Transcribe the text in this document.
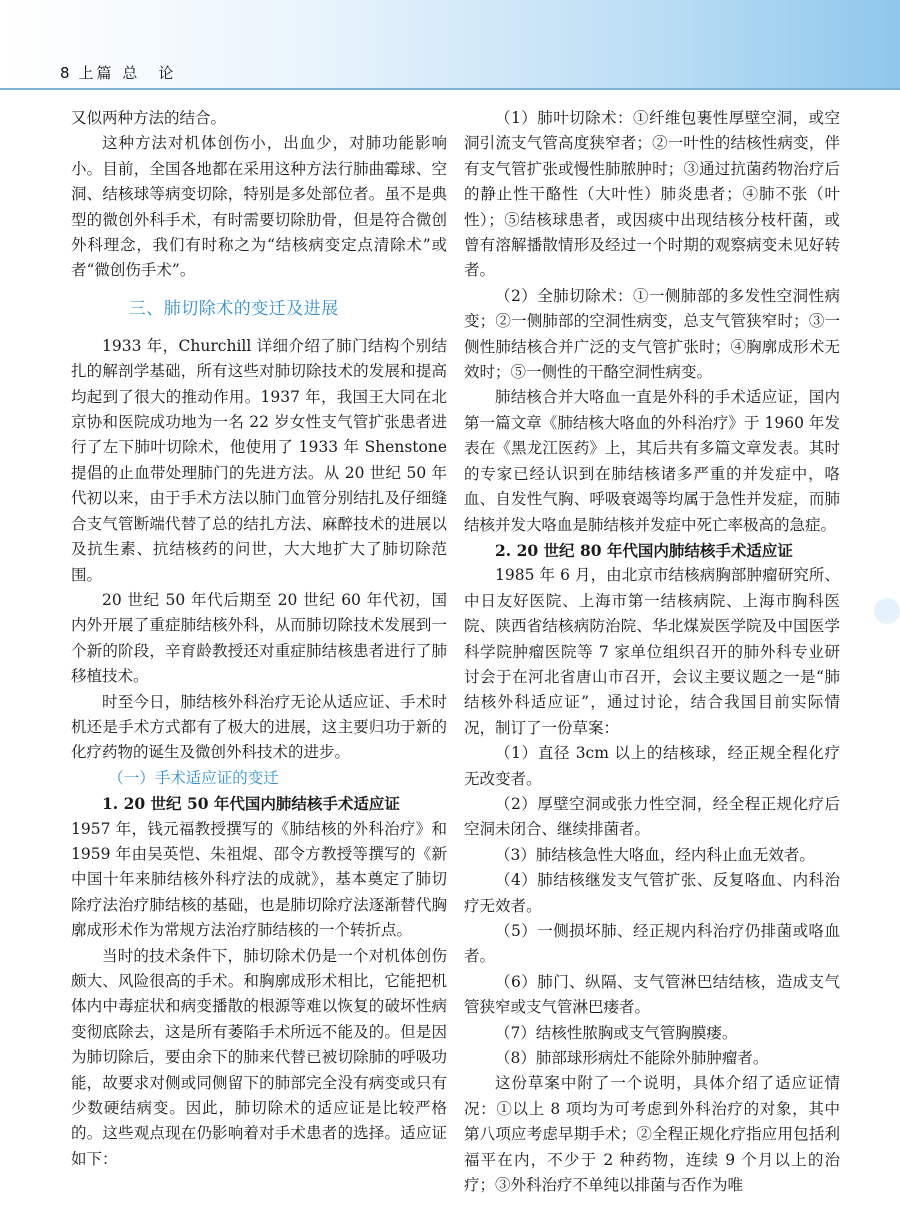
8 上篇 总　论

又似两种方法的结合。

这种方法对机体创伤小，出血少，对肺功能影响小。目前，全国各地都在采用这种方法行肺曲霉球、空洞、结核球等病变切除，特别是多处部位者。虽不是典型的微创外科手术，有时需要切除肋骨，但是符合微创外科理念，我们有时称之为“结核病变定点清除术”或者“微创伤手术”。

三、肺切除术的变迁及进展

1933 年，Churchill 详细介绍了肺门结构个别结扎的解剖学基础，所有这些对肺切除技术的发展和提高均起到了很大的推动作用。1937 年，我国王大同在北京协和医院成功地为一名 22 岁女性支气管扩张患者进行了左下肺叶切除术，他使用了 1933 年 Shenstone 提倡的止血带处理肺门的先进方法。从 20 世纪 50 年代初以来，由于手术方法以肺门血管分别结扎及仔细缝合支气管断端代替了总的结扎方法、麻醉技术的进展以及抗生素、抗结核药的问世，大大地扩大了肺切除范围。

20 世纪 50 年代后期至 20 世纪 60 年代初，国内外开展了重症肺结核外科，从而肺切除技术发展到一个新的阶段，辛育龄教授还对重症肺结核患者进行了肺移植技术。

时至今日，肺结核外科治疗无论从适应证、手术时机还是手术方式都有了极大的进展，这主要归功于新的化疗药物的诞生及微创外科技术的进步。

（一）手术适应证的变迁
1. 20 世纪 50 年代国内肺结核手术适应证

1957 年，钱元福教授撰写的《肺结核的外科治疗》和 1959 年由吴英恺、朱祖焜、邵令方教授等撰写的《新中国十年来肺结核外科疗法的成就》，基本奠定了肺切除疗法治疗肺结核的基础，也是肺切除疗法逐渐替代胸廓成形术作为常规方法治疗肺结核的一个转折点。

当时的技术条件下，肺切除术仍是一个对机体创伤颇大、风险很高的手术。和胸廓成形术相比，它能把机体内中毒症状和病变播散的根源等难以恢复的破坏性病变彻底除去，这是所有萎陷手术所远不能及的。但是因为肺切除后，要由余下的肺来代替已被切除肺的呼吸功能，故要求对侧或同侧留下的肺部完全没有病变或只有少数硬结病变。因此，肺切除术的适应证是比较严格的。这些观点现在仍影响着对手术患者的选择。适应证如下：

（1）肺叶切除术：①纤维包裹性厚壁空洞，或空洞引流支气管高度狭窄者；②一叶性的结核性病变，伴有支气管扩张或慢性肺脓肿时；③通过抗菌药物治疗后的静止性干酪性（大叶性）肺炎患者；④肺不张（叶性）；⑤结核球患者，或因痰中出现结核分枝杆菌，或曾有溶解播散情形及经过一个时期的观察病变未见好转者。

（2）全肺切除术：①一侧肺部的多发性空洞性病变；②一侧肺部的空洞性病变，总支气管狭窄时；③一侧性肺结核合并广泛的支气管扩张时；④胸廓成形术无效时；⑤一侧性的干酪空洞性病变。

肺结核合并大咯血一直是外科的手术适应证，国内第一篇文章《肺结核大咯血的外科治疗》于 1960 年发表在《黑龙江医药》上，其后共有多篇文章发表。其时的专家已经认识到在肺结核诸多严重的并发症中，咯血、自发性气胸、呼吸衰竭等均属于急性并发症，而肺结核并发大咯血是肺结核并发症中死亡率极高的急症。

2. 20 世纪 80 年代国内肺结核手术适应证

1985 年 6 月，由北京市结核病胸部肿瘤研究所、中日友好医院、上海市第一结核病院、上海市胸科医院、陕西省结核病防治院、华北煤炭医学院及中国医学科学院肿瘤医院等 7 家单位组织召开的肺外科专业研讨会于在河北省唐山市召开，会议主要议题之一是“肺结核外科适应证”，通过讨论，结合我国目前实际情况，制订了一份草案：

（1）直径 3cm 以上的结核球，经正规全程化疗无改变者。

（2）厚壁空洞或张力性空洞，经全程正规化疗后空洞未闭合、继续排菌者。

（3）肺结核急性大咯血，经内科止血无效者。

（4）肺结核继发支气管扩张、反复咯血、内科治疗无效者。

（5）一侧损坏肺、经正规内科治疗仍排菌或咯血者。

（6）肺门、纵隔、支气管淋巴结结核，造成支气管狭窄或支气管淋巴瘘者。

（7）结核性脓胸或支气管胸膜瘘。

（8）肺部球形病灶不能除外肺肿瘤者。

这份草案中附了一个说明，具体介绍了适应证情况：①以上 8 项均为可考虑到外科治疗的对象，其中第八项应考虑早期手术；②全程正规化疗指应用包括利福平在内，不少于 2 种药物，连续 9 个月以上的治疗；③外科治疗不单纯以排菌与否作为唯
